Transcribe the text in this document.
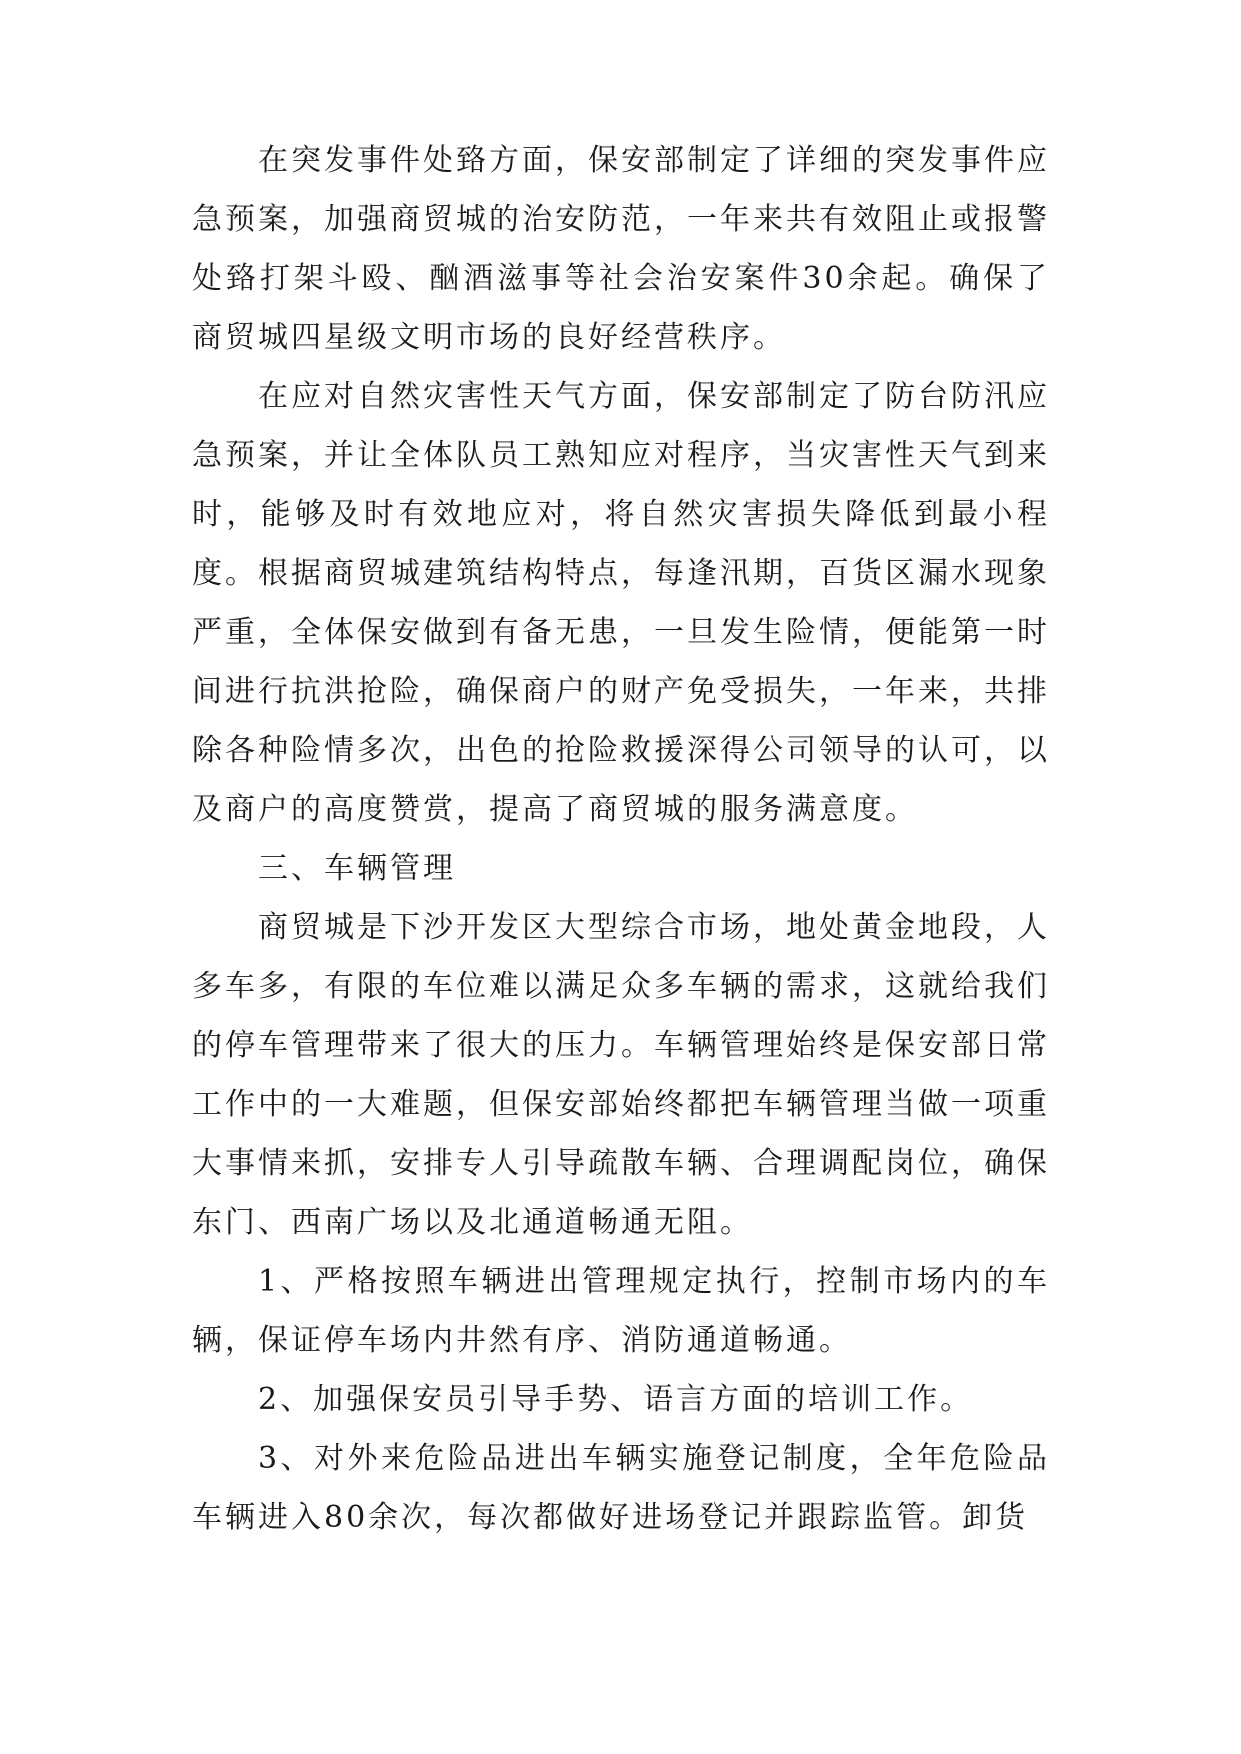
在突发事件处臵方面，保安部制定了详细的突发事件应急预案，加强商贸城的治安防范，一年来共有效阻止或报警处臵打架斗殴、酗酒滋事等社会治安案件30余起。确保了商贸城四星级文明市场的良好经营秩序。

在应对自然灾害性天气方面，保安部制定了防台防汛应急预案，并让全体队员工熟知应对程序，当灾害性天气到来时，能够及时有效地应对，将自然灾害损失降低到最小程度。根据商贸城建筑结构特点，每逢汛期，百货区漏水现象严重，全体保安做到有备无患，一旦发生险情，便能第一时间进行抗洪抢险，确保商户的财产免受损失，一年来，共排除各种险情多次，出色的抢险救援深得公司领导的认可，以及商户的高度赞赏，提高了商贸城的服务满意度。

三、车辆管理

商贸城是下沙开发区大型综合市场，地处黄金地段，人多车多，有限的车位难以满足众多车辆的需求，这就给我们的停车管理带来了很大的压力。车辆管理始终是保安部日常工作中的一大难题，但保安部始终都把车辆管理当做一项重大事情来抓，安排专人引导疏散车辆、合理调配岗位，确保东门、西南广场以及北通道畅通无阻。

1、严格按照车辆进出管理规定执行，控制市场内的车辆，保证停车场内井然有序、消防通道畅通。

2、加强保安员引导手势、语言方面的培训工作。

3、对外来危险品进出车辆实施登记制度，全年危险品车辆进入80余次，每次都做好进场登记并跟踪监管。卸货
